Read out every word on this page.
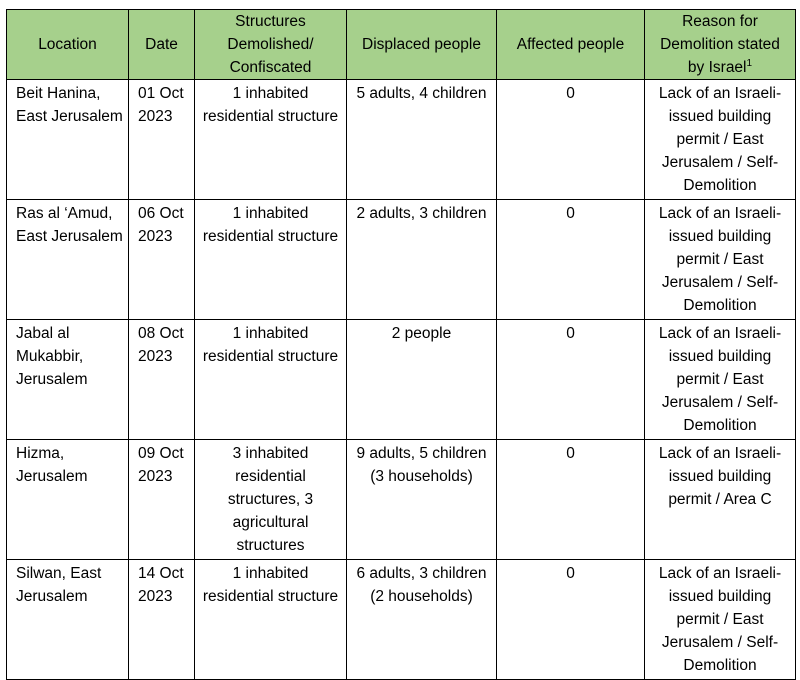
Location	Date	Structures Demolished/ Confiscated	Displaced people	Affected people	Reason for Demolition stated by Israel$^1$
Beit Hanina, East Jerusalem	01 Oct 2023	1 inhabited residential structure	5 adults, 4 children	0	Lack of an Israeli-issued building permit / East Jerusalem / Self-Demolition
Ras al ‘Amud, East Jerusalem	06 Oct 2023	1 inhabited residential structure	2 adults, 3 children	0	Lack of an Israeli-issued building permit / East Jerusalem / Self-Demolition
Jabal al Mukabbir, Jerusalem	08 Oct 2023	1 inhabited residential structure	2 people	0	Lack of an Israeli-issued building permit / East Jerusalem / Self-Demolition
Hizma, Jerusalem	09 Oct 2023	3 inhabited residential structures, 3 agricultural structures	9 adults, 5 children (3 households)	0	Lack of an Israeli-issued building permit / Area C
Silwan, East Jerusalem	14 Oct 2023	1 inhabited residential structure	6 adults, 3 children (2 households)	0	Lack of an Israeli-issued building permit / East Jerusalem / Self-Demolition
